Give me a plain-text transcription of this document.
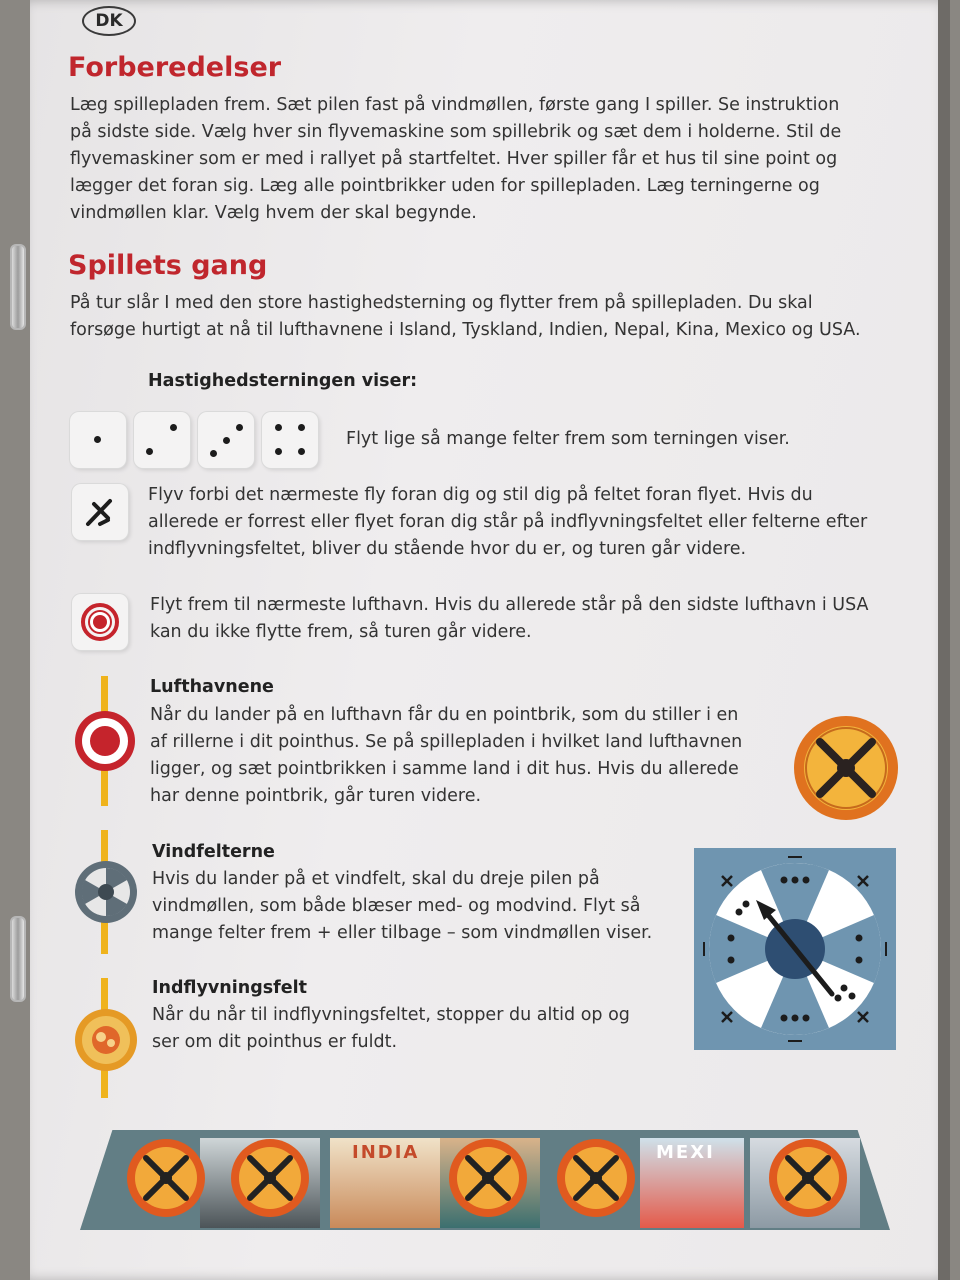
DK
Forberedelser
Læg spillepladen frem. Sæt pilen fast på vindmøllen, første gang I spiller. Se instruktion
på sidste side. Vælg hver sin flyvemaskine som spillebrik og sæt dem i holderne. Stil de
flyvemaskiner som er med i rallyet på startfeltet. Hver spiller får et hus til sine point og
lægger det foran sig. Læg alle pointbrikker uden for spillepladen. Læg terningerne og
vindmøllen klar. Vælg hvem der skal begynde.
Spillets gang
På tur slår I med den store hastighedsterning og flytter frem på spillepladen. Du skal
forsøge hurtigt at nå til lufthavnene i Island, Tyskland, Indien, Nepal, Kina, Mexico og USA.
Hastighedsterningen viser:
Flyt lige så mange felter frem som terningen viser.
Flyv forbi det nærmeste fly foran dig og stil dig på feltet foran flyet. Hvis du
allerede er forrest eller flyet foran dig står på indflyvningsfeltet eller felterne efter
indflyvningsfeltet, bliver du stående hvor du er, og turen går videre.
Flyt frem til nærmeste lufthavn. Hvis du allerede står på den sidste lufthavn i USA
kan du ikke flytte frem, så turen går videre.
Lufthavnene
Når du lander på en lufthavn får du en pointbrik, som du stiller i en
af rillerne i dit pointhus. Se på spillepladen i hvilket land lufthavnen
ligger, og sæt pointbrikken i samme land i dit hus. Hvis du allerede
har denne pointbrik, går turen videre.
Vindfelterne
Hvis du lander på et vindfelt, skal du dreje pilen på
vindmøllen, som både blæser med- og modvind. Flyt så
mange felter frem + eller tilbage – som vindmøllen viser.
Indflyvningsfelt
Når du når til indflyvningsfeltet, stopper du altid op og
ser om dit pointhus er fuldt.
INDIA	MEXI
